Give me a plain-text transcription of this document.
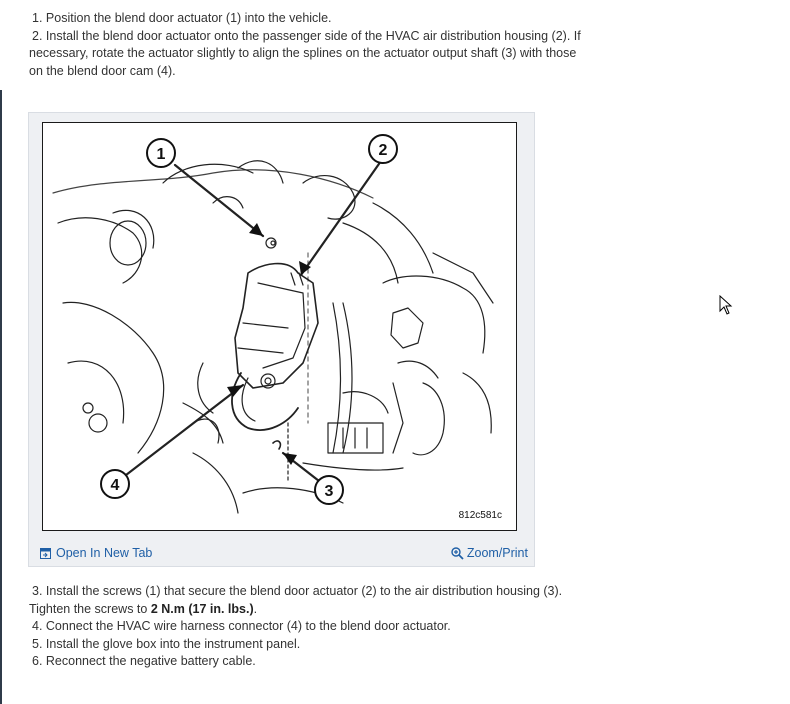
1. Position the blend door actuator (1) into the vehicle.

2. Install the blend door actuator onto the passenger side of the HVAC air distribution housing (2). If

necessary, rotate the actuator slightly to align the splines on the actuator output shaft (3) with those

on the blend door cam (4).

1	2
3
4
812c581c
Open In New Tab	Zoom/Print

3. Install the screws (1) that secure the blend door actuator (2) to the air distribution housing (3).

Tighten the screws to 2 N.m (17 in. lbs.).

4. Connect the HVAC wire harness connector (4) to the blend door actuator.

5. Install the glove box into the instrument panel.

6. Reconnect the negative battery cable.
